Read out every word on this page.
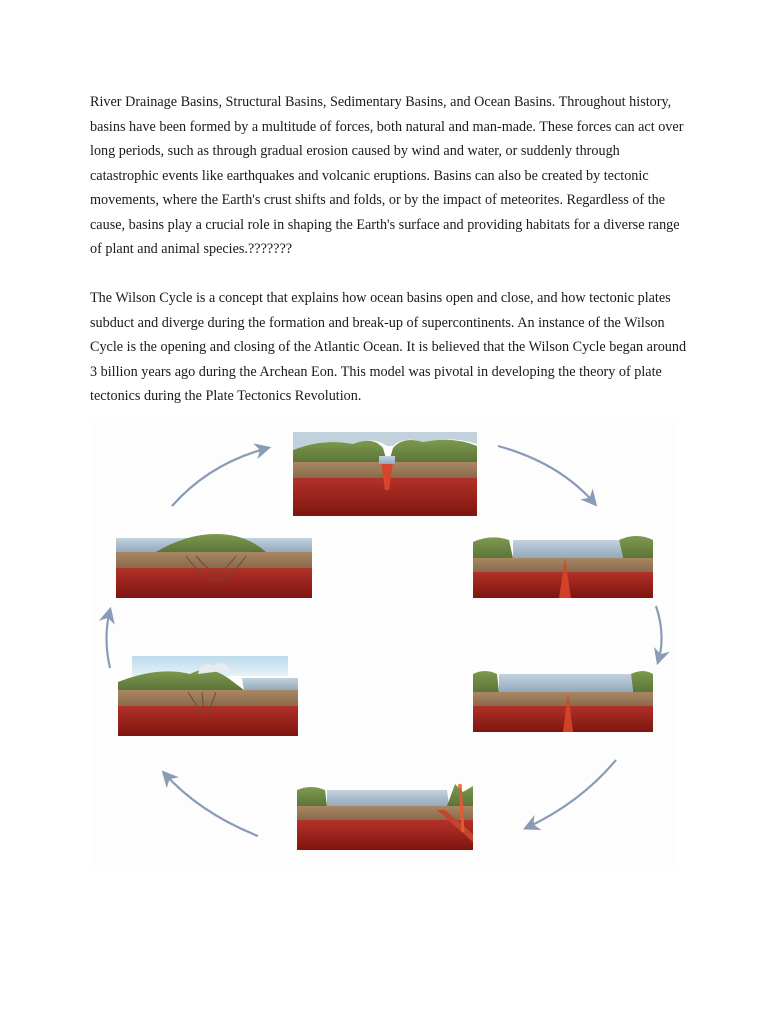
River Drainage Basins, Structural Basins, Sedimentary Basins, and Ocean Basins. Throughout history, basins have been formed by a multitude of forces, both natural and man-made. These forces can act over long periods, such as through gradual erosion caused by wind and water, or suddenly through catastrophic events like earthquakes and volcanic eruptions. Basins can also be created by tectonic movements, where the Earth's crust shifts and folds, or by the impact of meteorites. Regardless of the cause, basins play a crucial role in shaping the Earth's surface and providing habitats for a diverse range of plant and animal species.???????

The Wilson Cycle is a concept that explains how ocean basins open and close, and how tectonic plates subduct and diverge during the formation and break-up of supercontinents. An instance of the Wilson Cycle is the opening and closing of the Atlantic Ocean. It is believed that the Wilson Cycle began around 3 billion years ago during the Archean Eon. This model was pivotal in developing the theory of plate tectonics during the Plate Tectonics Revolution.
